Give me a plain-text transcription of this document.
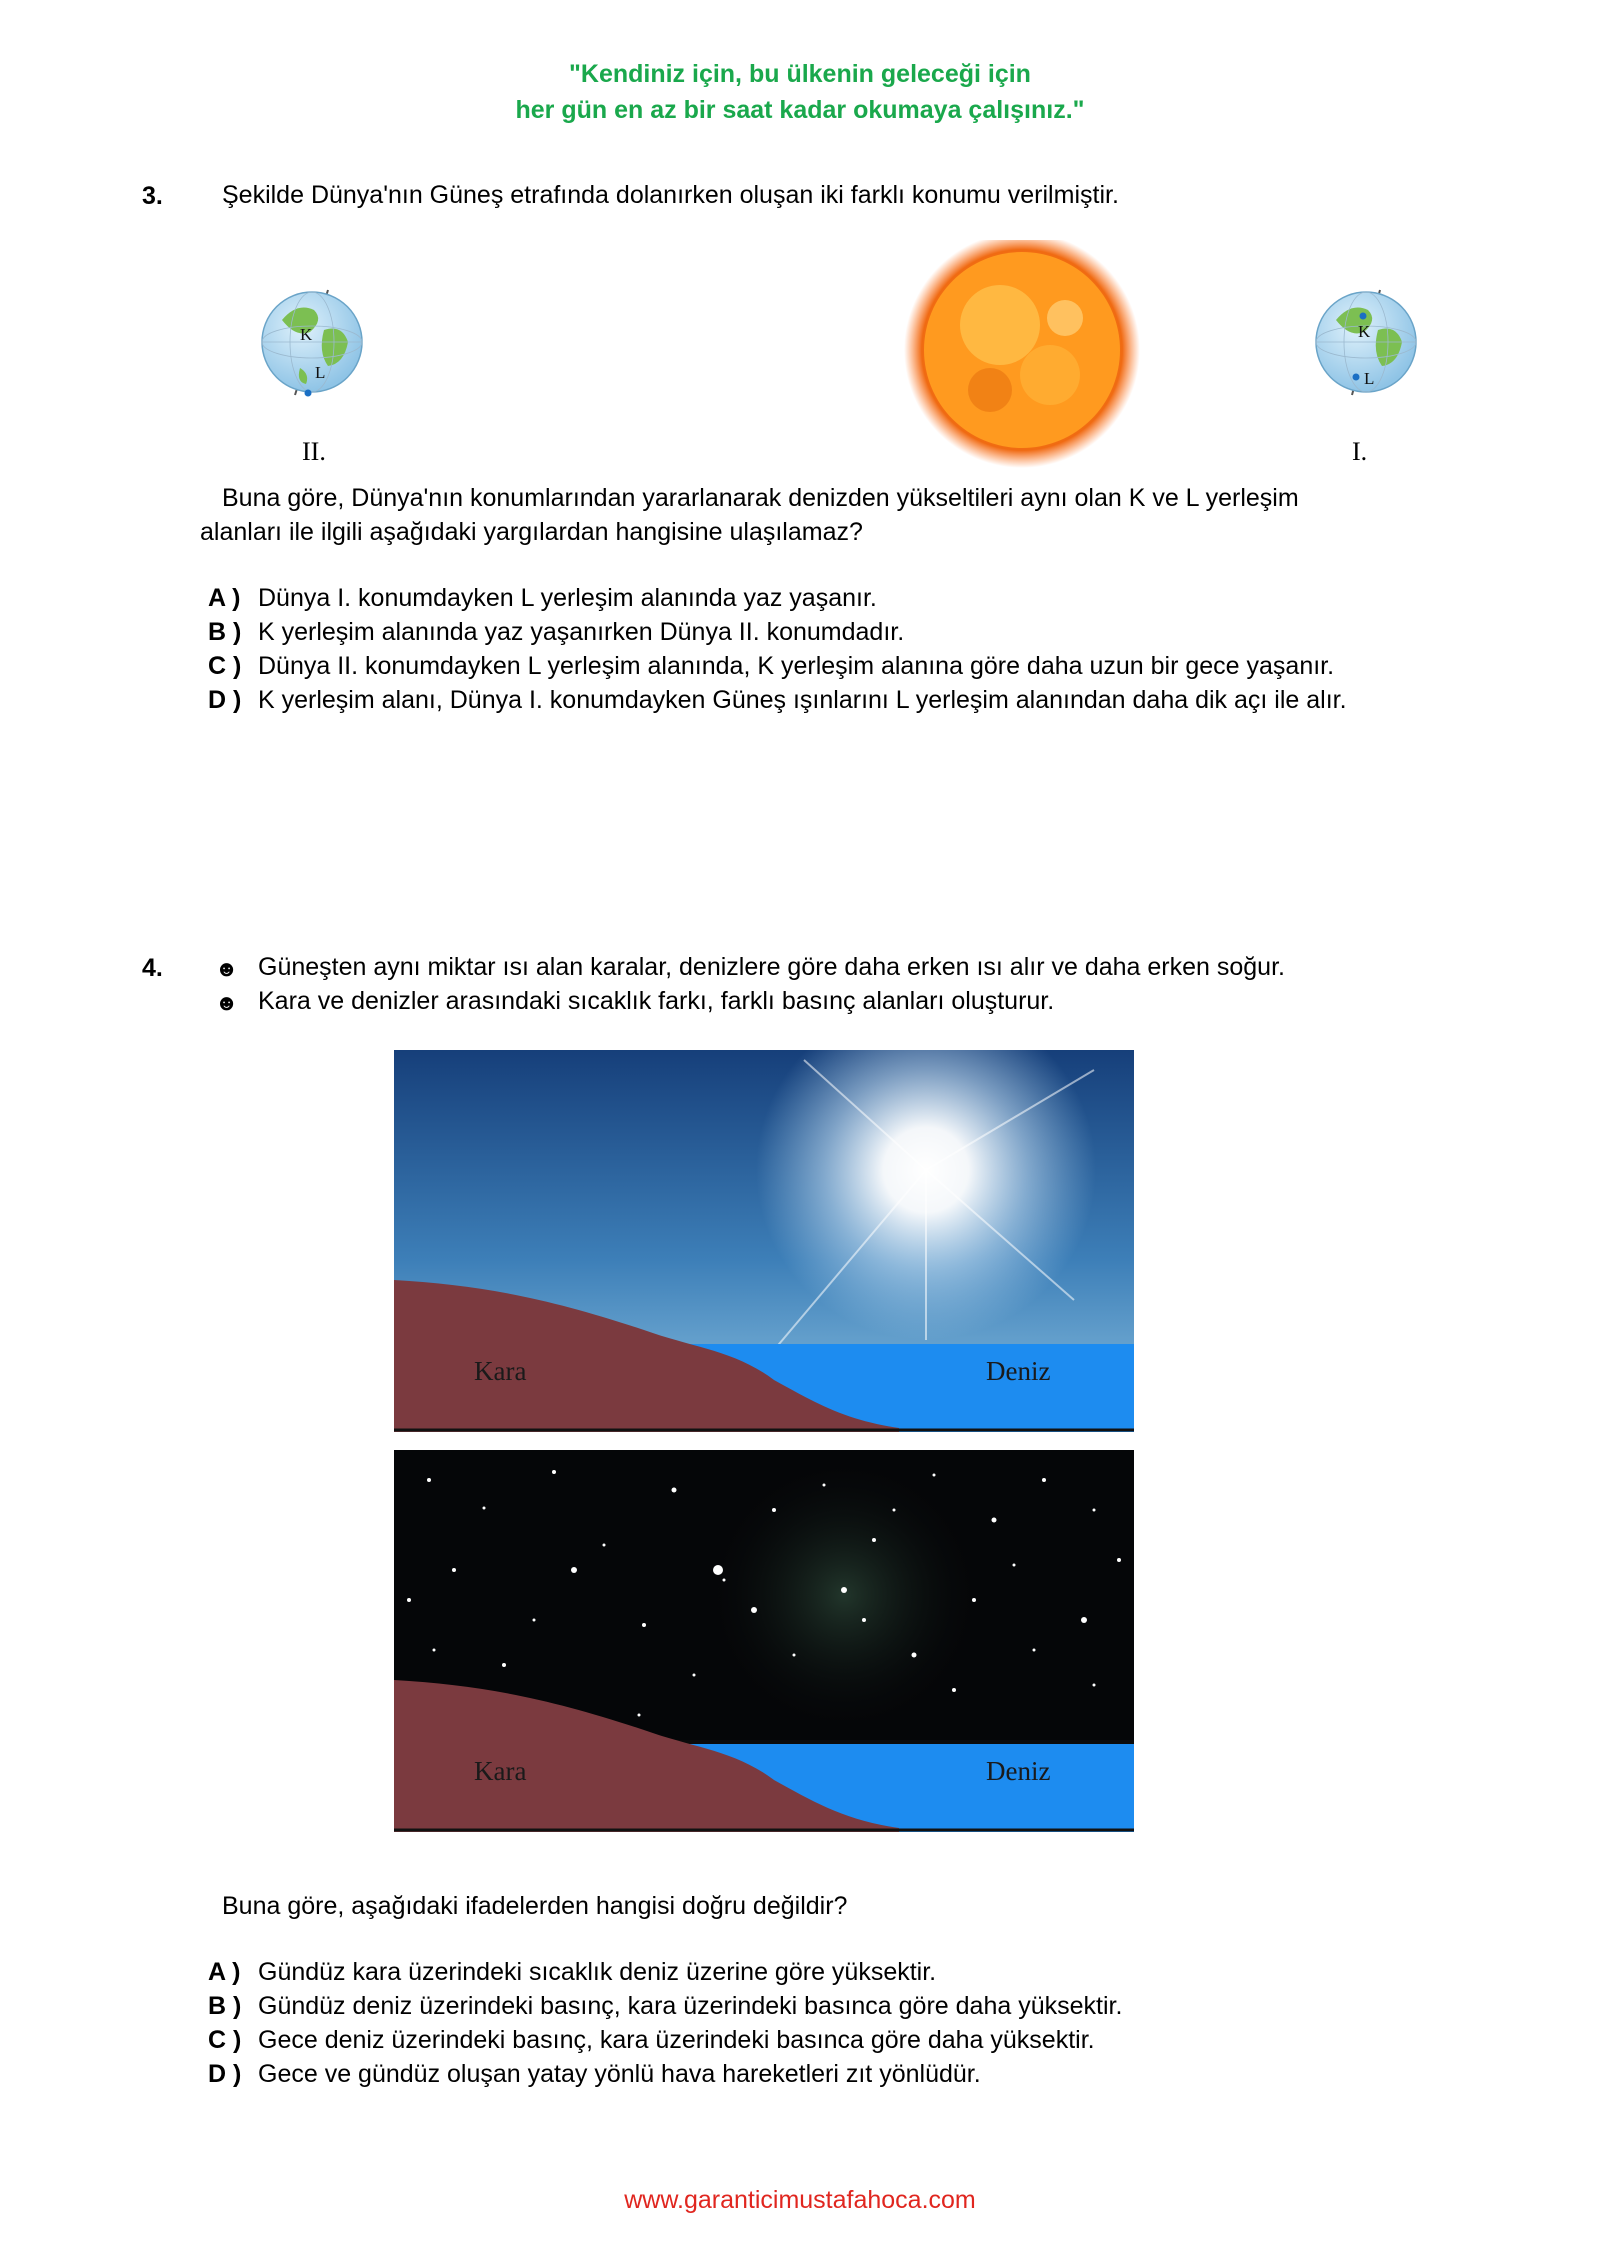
"Kendiniz için, bu ülkenin geleceği için
her gün en az bir saat kadar okumaya çalışınız."
3. Şekilde Dünya'nın Güneş etrafında dolanırken oluşan iki farklı konumu verilmiştir.
K
L
K
L
II.	I.
Buna göre, Dünya'nın konumlarından yararlanarak denizden yükseltileri aynı olan K ve L yerleşim
alanları ile ilgili aşağıdaki yargılardan hangisine ulaşılamaz?
A ) Dünya I. konumdayken L yerleşim alanında yaz yaşanır.
B ) K yerleşim alanında yaz yaşanırken Dünya II. konumdadır.
C ) Dünya II. konumdayken L yerleşim alanında, K yerleşim alanına göre daha uzun bir gece yaşanır.
D ) K yerleşim alanı, Dünya I. konumdayken Güneş ışınlarını L yerleşim alanından daha dik açı ile alır.
4. ☻ Güneşten aynı miktar ısı alan karalar, denizlere göre daha erken ısı alır ve daha erken soğur.
☻ Kara ve denizler arasındaki sıcaklık farkı, farklı basınç alanları oluşturur.
Kara	Deniz
Kara	Deniz
Buna göre, aşağıdaki ifadelerden hangisi doğru değildir?
A ) Gündüz kara üzerindeki sıcaklık deniz üzerine göre yüksektir.
B ) Gündüz deniz üzerindeki basınç, kara üzerindeki basınca göre daha yüksektir.
C ) Gece deniz üzerindeki basınç, kara üzerindeki basınca göre daha yüksektir.
D ) Gece ve gündüz oluşan yatay yönlü hava hareketleri zıt yönlüdür.
www.garanticimustafahoca.com
